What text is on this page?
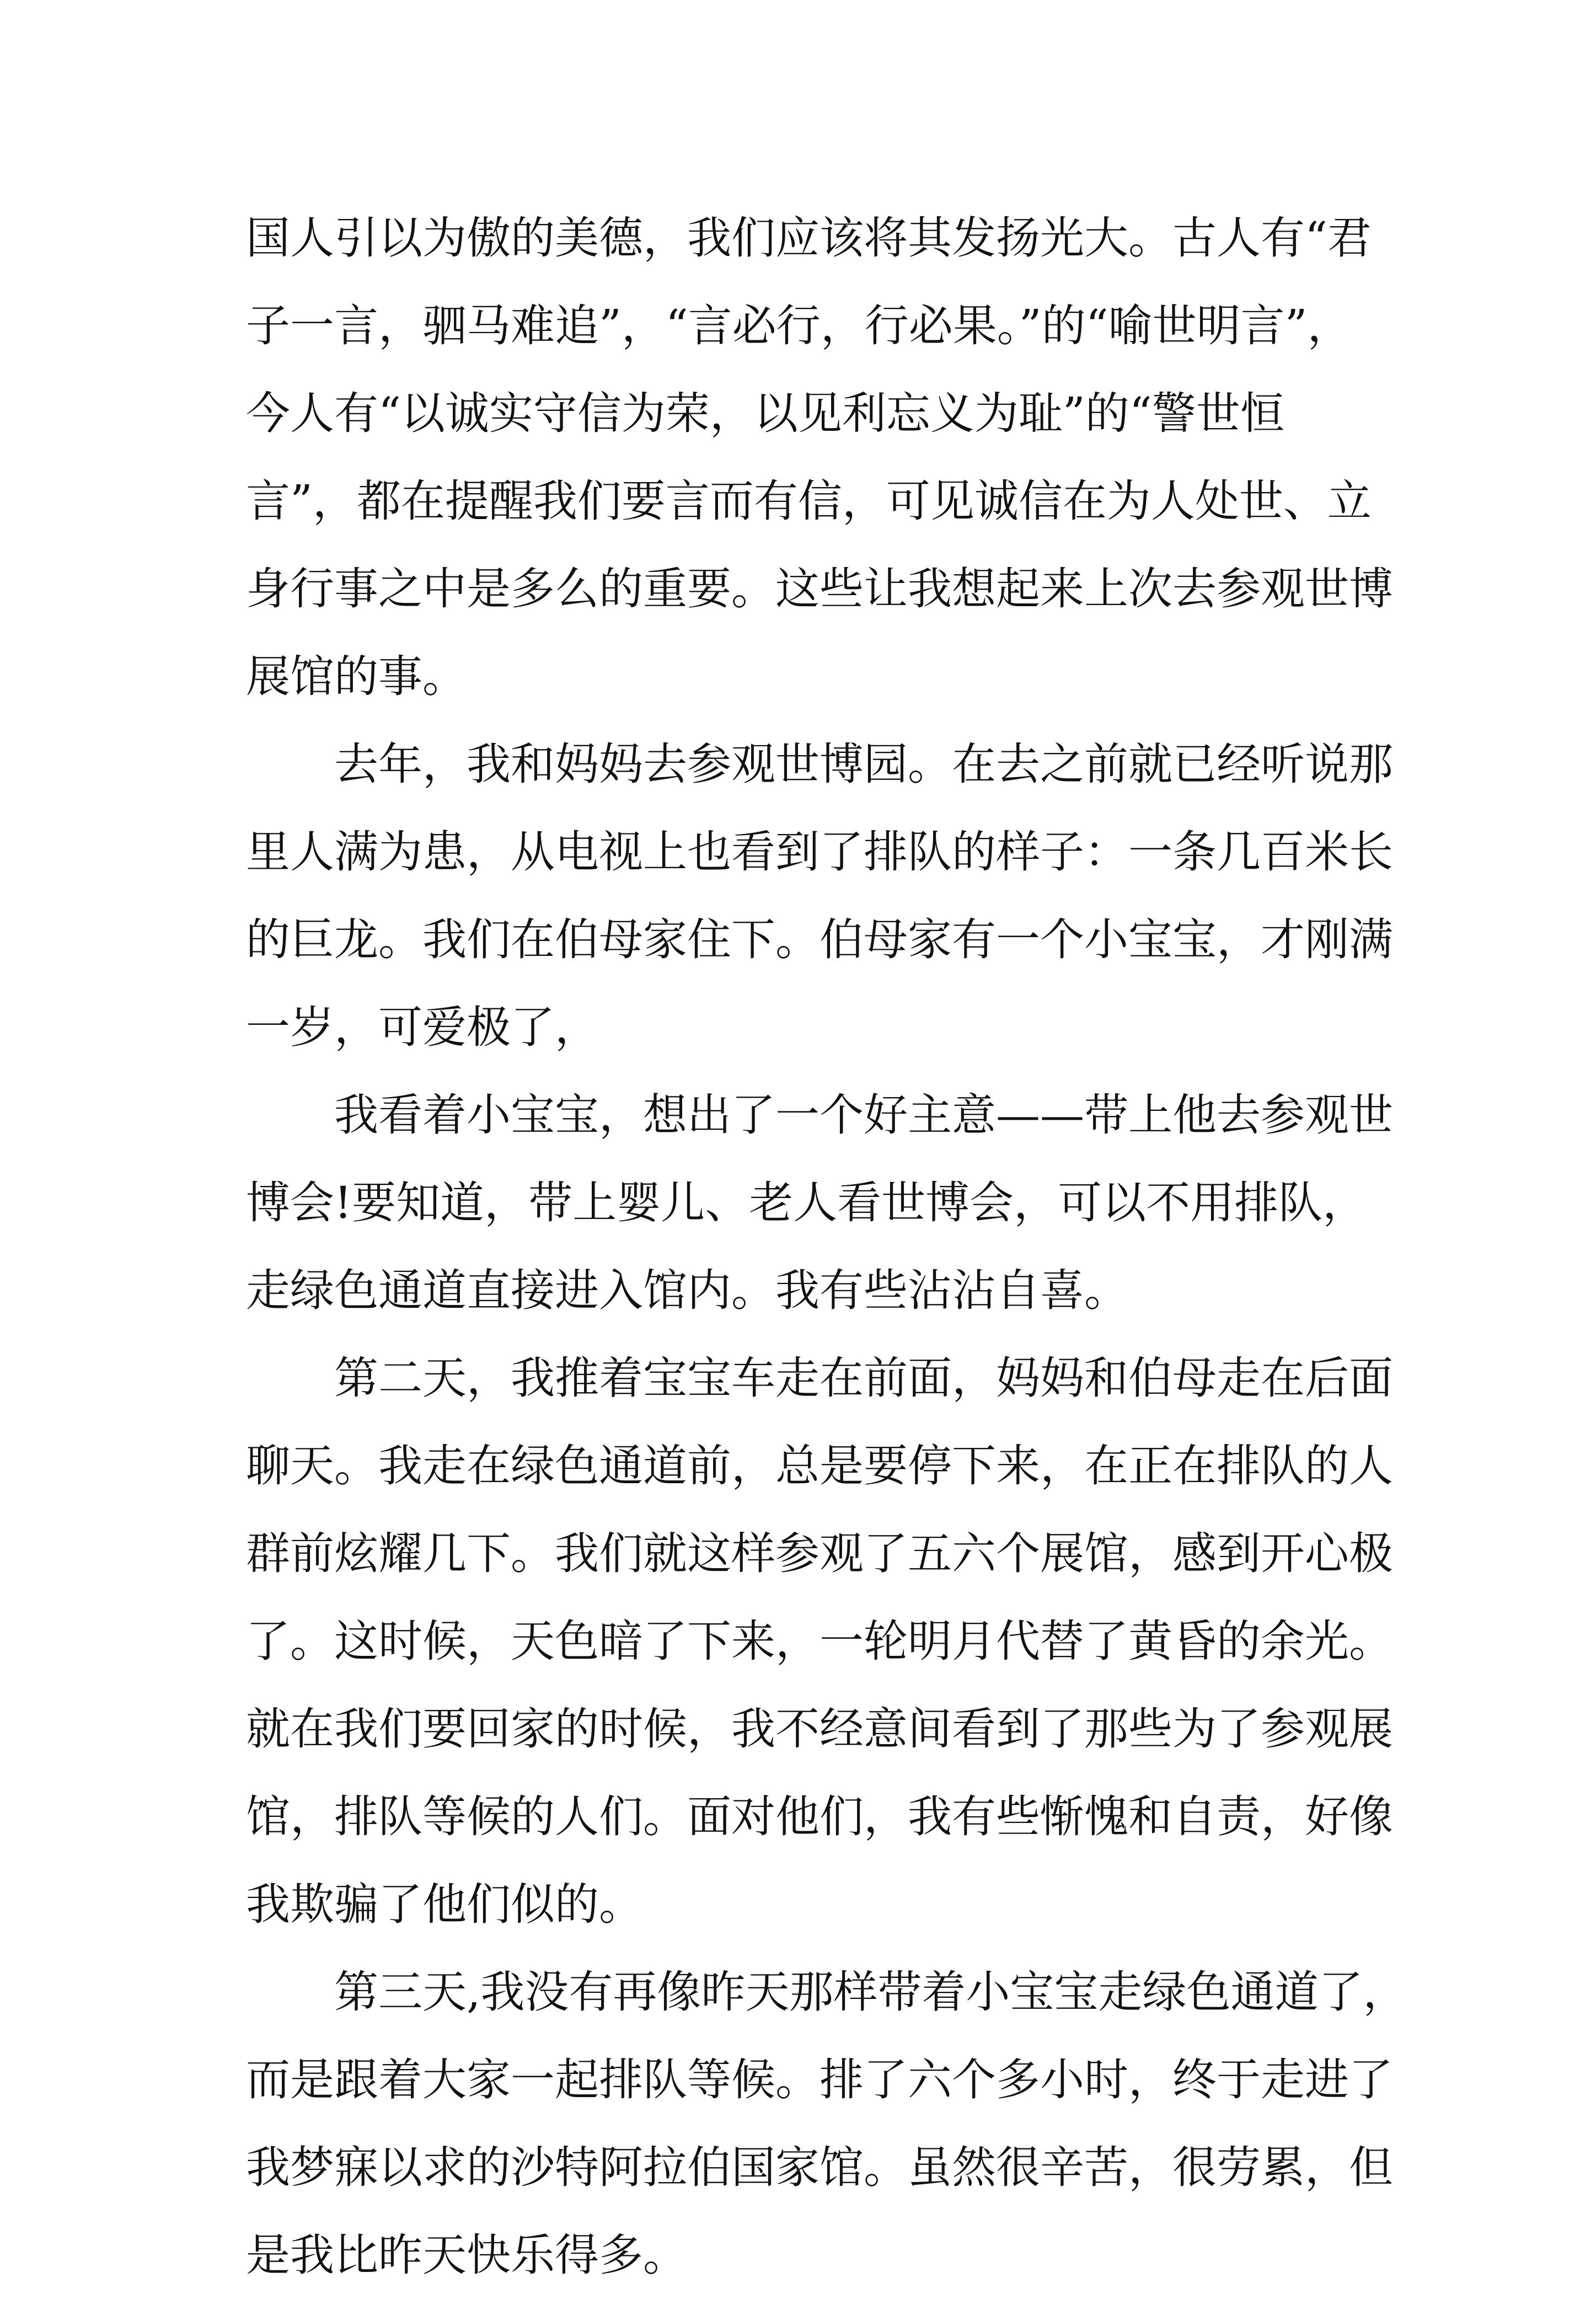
国人引以为傲的美德，我们应该将其发扬光大。古人有“君
子一言，驷马难追”，“言必行，行必果。”的“喻世明言”，
今人有“以诚实守信为荣，以见利忘义为耻”的“警世恒
言”，都在提醒我们要言而有信，可见诚信在为人处世、立
身行事之中是多么的重要。这些让我想起来上次去参观世博
展馆的事。
去年，我和妈妈去参观世博园。在去之前就已经听说那
里人满为患，从电视上也看到了排队的样子：一条几百米长
的巨龙。我们在伯母家住下。伯母家有一个小宝宝，才刚满
一岁，可爱极了，
我看着小宝宝，想出了一个好主意——带上他去参观世
博会!要知道，带上婴儿、老人看世博会，可以不用排队，
走绿色通道直接进入馆内。我有些沾沾自喜。
第二天，我推着宝宝车走在前面，妈妈和伯母走在后面
聊天。我走在绿色通道前，总是要停下来，在正在排队的人
群前炫耀几下。我们就这样参观了五六个展馆，感到开心极
了。这时候，天色暗了下来，一轮明月代替了黄昏的余光。
就在我们要回家的时候，我不经意间看到了那些为了参观展
馆，排队等候的人们。面对他们，我有些惭愧和自责，好像
我欺骗了他们似的。
第三天,我没有再像昨天那样带着小宝宝走绿色通道了，
而是跟着大家一起排队等候。排了六个多小时，终于走进了
我梦寐以求的沙特阿拉伯国家馆。虽然很辛苦，很劳累，但
是我比昨天快乐得多。
